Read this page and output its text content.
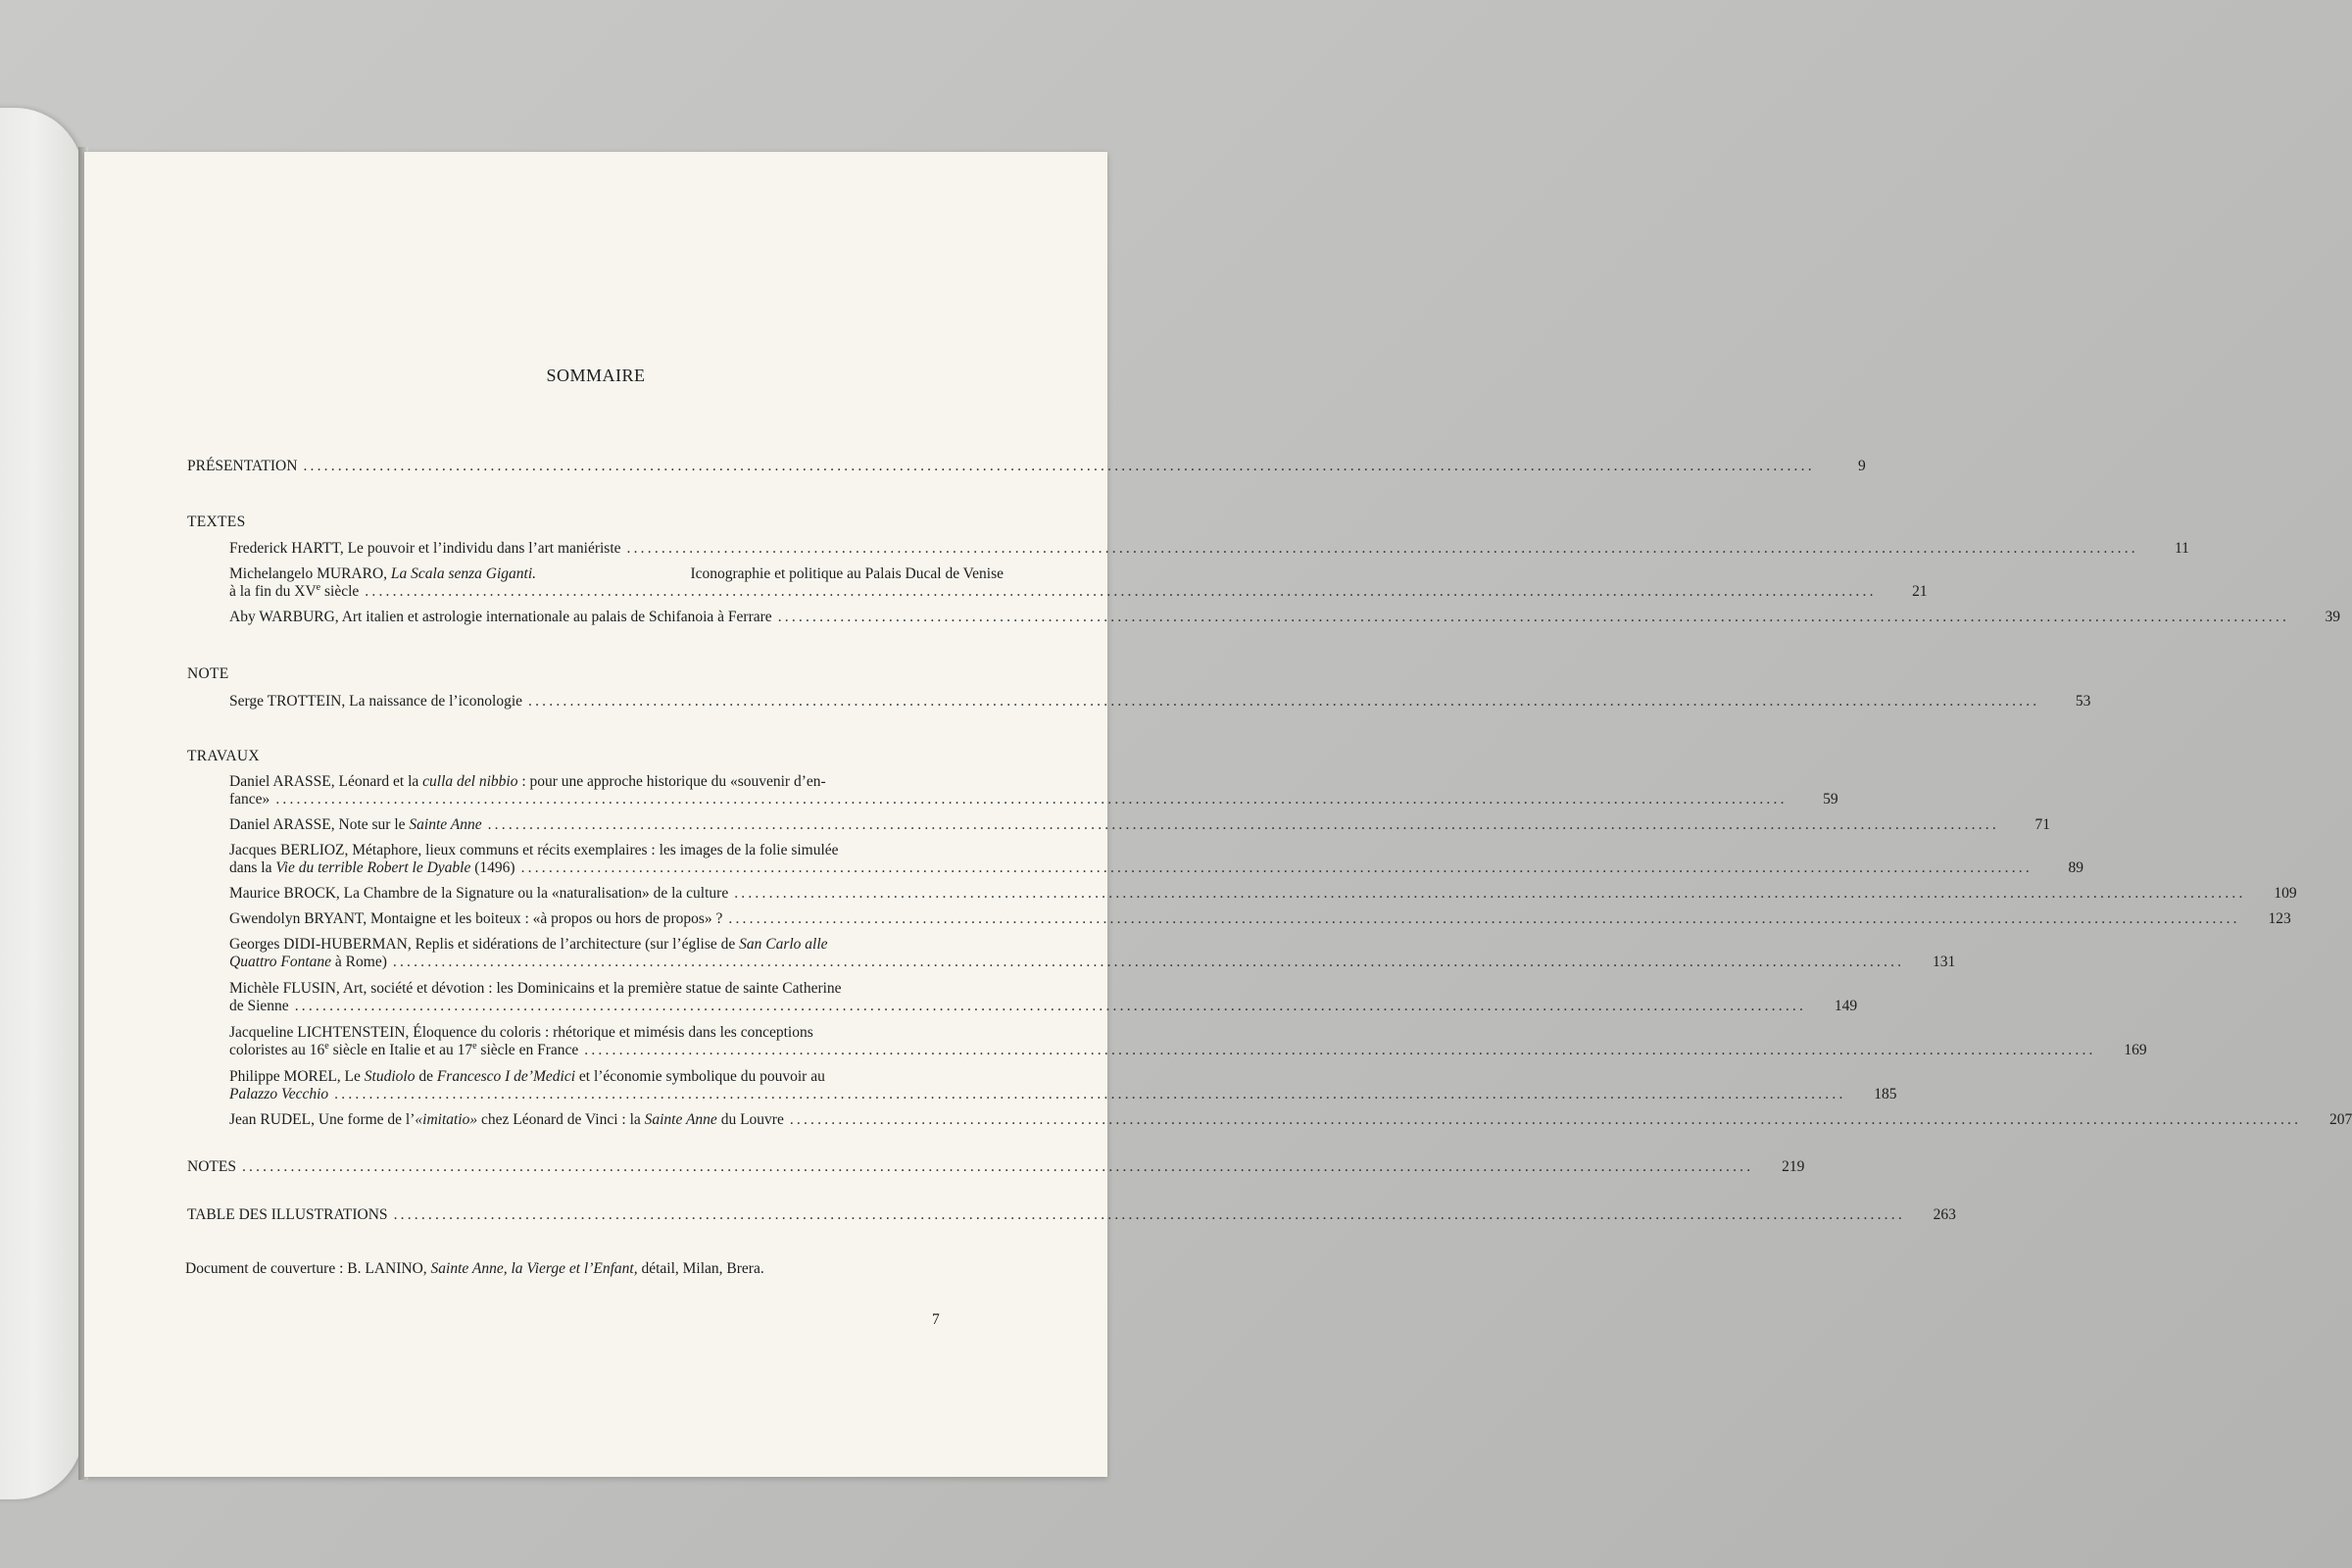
SOMMAIRE
PRÉSENTATION ..........................................................................................................................................................................................................................	9
TEXTES
Frederick HARTT, Le pouvoir et l’individu dans l’art maniériste ..........................................................................................................................................................................................................................	11
Michelangelo MURARO, La Scala senza Giganti.	Iconographie et politique au Palais Ducal de Venise
à la fin du XVe siècle ..........................................................................................................................................................................................................................	21
Aby WARBURG, Art italien et astrologie internationale au palais de Schifanoia à Ferrare ..........................................................................................................................................................................................................................	39
NOTE
Serge TROTTEIN, La naissance de l’iconologie ..........................................................................................................................................................................................................................	53
TRAVAUX
Daniel ARASSE, Léonard et la culla del nibbio : pour une approche historique du «souvenir d’en-
fance» ..........................................................................................................................................................................................................................	59
Daniel ARASSE, Note sur le Sainte Anne ..........................................................................................................................................................................................................................	71
Jacques BERLIOZ, Métaphore, lieux communs et récits exemplaires : les images de la folie simulée
dans la Vie du terrible Robert le Dyable (1496) ..........................................................................................................................................................................................................................	89
Maurice BROCK, La Chambre de la Signature ou la «naturalisation» de la culture ..........................................................................................................................................................................................................................	109
Gwendolyn BRYANT, Montaigne et les boiteux : «à propos ou hors de propos» ? ..........................................................................................................................................................................................................................	123
Georges DIDI-HUBERMAN, Replis et sidérations de l’architecture (sur l’église de San Carlo alle
Quattro Fontane à Rome) ..........................................................................................................................................................................................................................	131
Michèle FLUSIN, Art, société et dévotion : les Dominicains et la première statue de sainte Catherine
de Sienne ..........................................................................................................................................................................................................................	149
Jacqueline LICHTENSTEIN, Éloquence du coloris : rhétorique et mimésis dans les conceptions
coloristes au 16e siècle en Italie et au 17e siècle en France ..........................................................................................................................................................................................................................	169
Philippe MOREL, Le Studiolo de Francesco I de’Medici et l’économie symbolique du pouvoir au
Palazzo Vecchio ..........................................................................................................................................................................................................................	185
Jean RUDEL, Une forme de l’«imitatio» chez Léonard de Vinci : la Sainte Anne du Louvre ..........................................................................................................................................................................................................................	207
NOTES ..........................................................................................................................................................................................................................	219
TABLE DES ILLUSTRATIONS ..........................................................................................................................................................................................................................	263
Document de couverture : B. LANINO, Sainte Anne, la Vierge et l’Enfant, détail, Milan, Brera.
7
